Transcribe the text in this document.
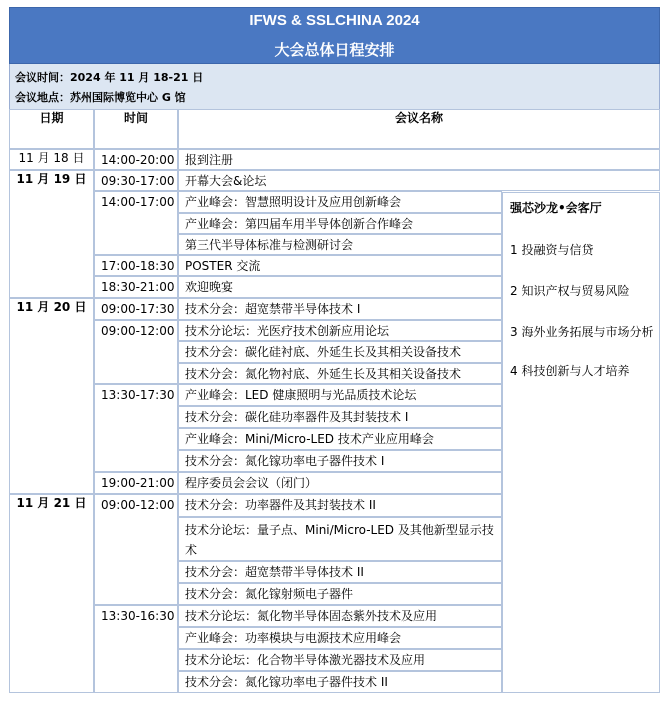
IFWS & SSLCHINA 2024
大会总体日程安排
会议时间：2024 年 11 月 18-21 日
会议地点：苏州国际博览中心 G 馆
日期	时间	会议名称
11 月 18 日
11 月 19 日
11 月 20 日
11 月 21 日
14:00-20:00
09:30-17:00
14:00-17:00
17:00-18:30
18:30-21:00
09:00-17:30
09:00-12:00
13:30-17:30
19:00-21:00
09:00-12:00
13:30-16:30
报到注册
开幕大会&论坛
产业峰会：智慧照明设计及应用创新峰会
产业峰会：第四届车用半导体创新合作峰会
第三代半导体标准与检测研讨会
POSTER 交流
欢迎晚宴
技术分会：超宽禁带半导体技术 I
技术分论坛：光医疗技术创新应用论坛
技术分会：碳化硅衬底、外延生长及其相关设备技术
技术分会：氮化物衬底、外延生长及其相关设备技术
产业峰会：LED 健康照明与光品质技术论坛
技术分会：碳化硅功率器件及其封装技术 Ⅰ
产业峰会：Mini/Micro-LED 技术产业应用峰会
技术分会：氮化镓功率电子器件技术 I
程序委员会会议（闭门）
技术分会：功率器件及其封装技术 II
技术分论坛：量子点、Mini/Micro-LED 及其他新型显示技术
技术分会：超宽禁带半导体技术 II
技术分会：氮化镓射频电子器件
技术分论坛：氮化物半导体固态紫外技术及应用
产业峰会：功率模块与电源技术应用峰会
技术分论坛：化合物半导体激光器技术及应用
技术分会：氮化镓功率电子器件技术 II
强芯沙龙•会客厅
1 投融资与信贷
2 知识产权与贸易风险
3 海外业务拓展与市场分析
4 科技创新与人才培养
